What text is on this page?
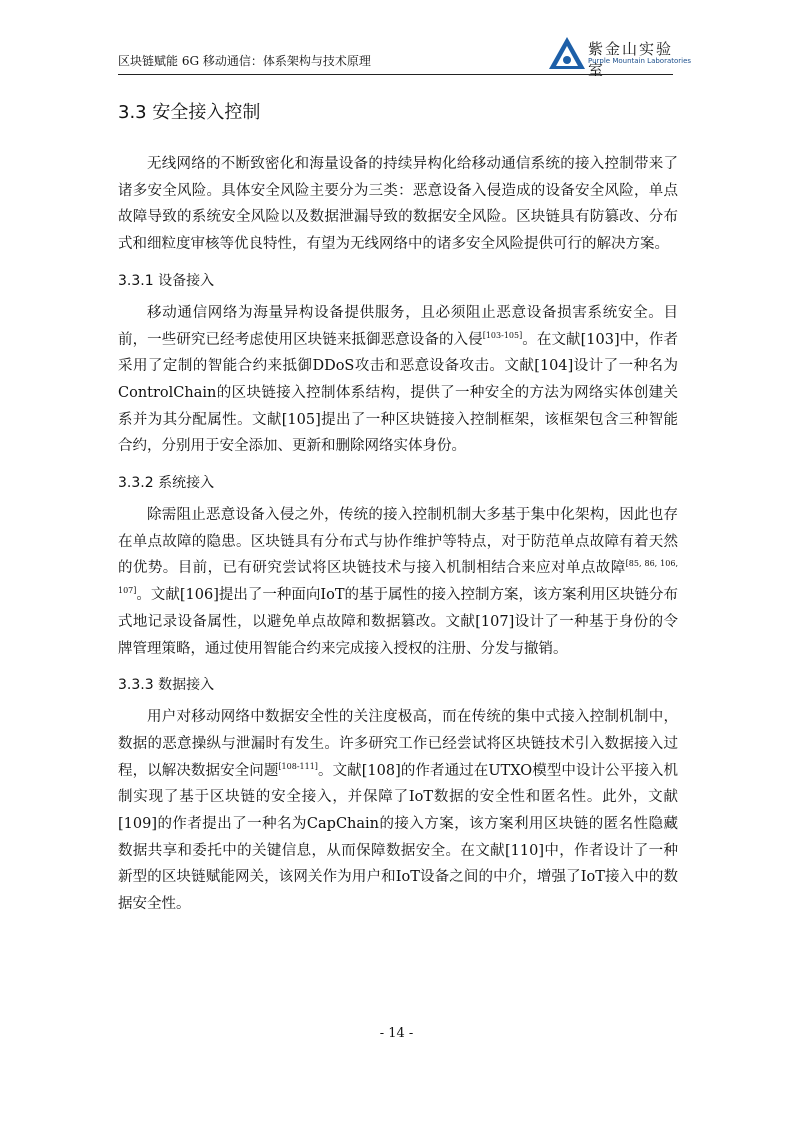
区块链赋能 6G 移动通信：体系架构与技术原理
紫金山实验室
Purple Mountain Laboratories
3.3 安全接入控制

无线网络的不断致密化和海量设备的持续异构化给移动通信系统的接入控制带来了诸多安全风险。具体安全风险主要分为三类：恶意设备入侵造成的设备安全风险，单点故障导致的系统安全风险以及数据泄漏导致的数据安全风险。区块链具有防篡改、分布式和细粒度审核等优良特性，有望为无线网络中的诸多安全风险提供可行的解决方案。

3.3.1 设备接入

移动通信网络为海量异构设备提供服务，且必须阻止恶意设备损害系统安全。目前，一些研究已经考虑使用区块链来抵御恶意设备的入侵[103-105]。在文献[103]中，作者采用了定制的智能合约来抵御DDoS攻击和恶意设备攻击。文献[104]设计了一种名为ControlChain的区块链接入控制体系结构，提供了一种安全的方法为网络实体创建关系并为其分配属性。文献[105]提出了一种区块链接入控制框架，该框架包含三种智能合约，分别用于安全添加、更新和删除网络实体身份。

3.3.2 系统接入

除需阻止恶意设备入侵之外，传统的接入控制机制大多基于集中化架构，因此也存在单点故障的隐患。区块链具有分布式与协作维护等特点，对于防范单点故障有着天然的优势。目前，已有研究尝试将区块链技术与接入机制相结合来应对单点故障[85, 86, 106, 107]。文献[106]提出了一种面向IoT的基于属性的接入控制方案，该方案利用区块链分布式地记录设备属性，以避免单点故障和数据篡改。文献[107]设计了一种基于身份的令牌管理策略，通过使用智能合约来完成接入授权的注册、分发与撤销。

3.3.3 数据接入

用户对移动网络中数据安全性的关注度极高，而在传统的集中式接入控制机制中，数据的恶意操纵与泄漏时有发生。许多研究工作已经尝试将区块链技术引入数据接入过程，以解决数据安全问题[108-111]。文献[108]的作者通过在UTXO模型中设计公平接入机制实现了基于区块链的安全接入，并保障了IoT数据的安全性和匿名性。此外，文献[109]的作者提出了一种名为CapChain的接入方案，该方案利用区块链的匿名性隐藏数据共享和委托中的关键信息，从而保障数据安全。在文献[110]中，作者设计了一种新型的区块链赋能网关，该网关作为用户和IoT设备之间的中介，增强了IoT接入中的数据安全性。

- 14 -
